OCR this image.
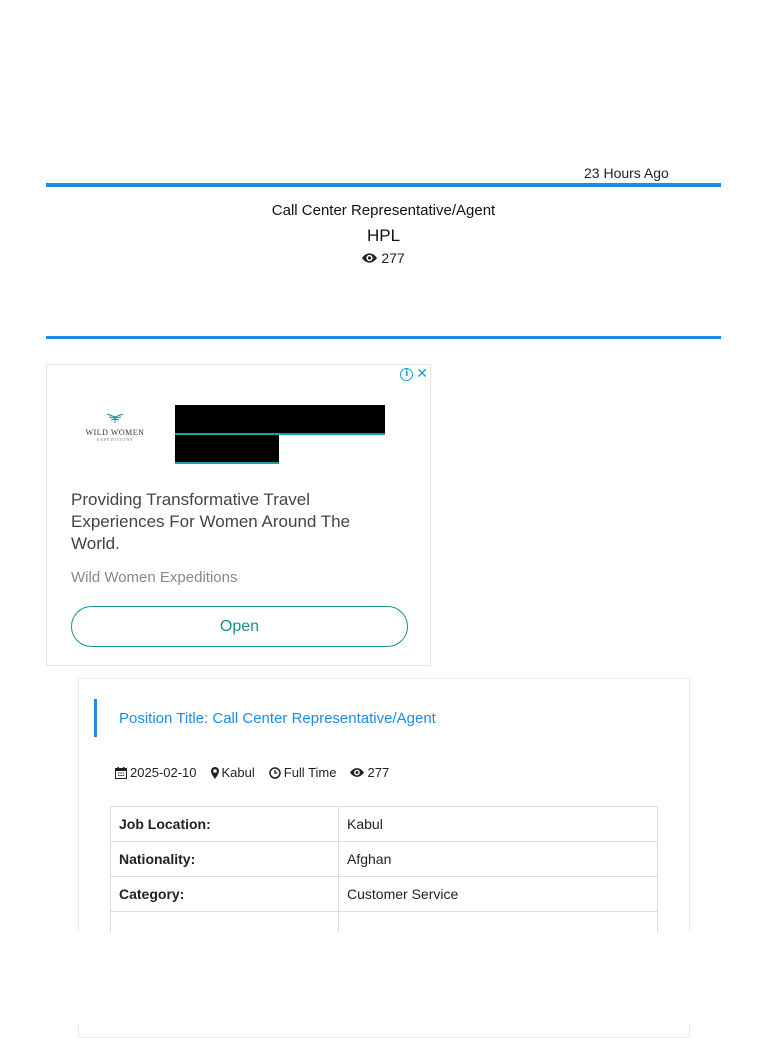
23 Hours Ago
Call Center Representative/Agent
HPL
277
i ✕
WILD WOMEN
EXPEDITIONS
Providing Transformative Travel Experiences For Women Around The World.
Wild Women Expeditions
Open
Position Title: Call Center Representative/Agent
2025-02-10 Kabul Full Time 277
Job Location:	Kabul
Nationality:	Afghan
Category:	Customer Service
